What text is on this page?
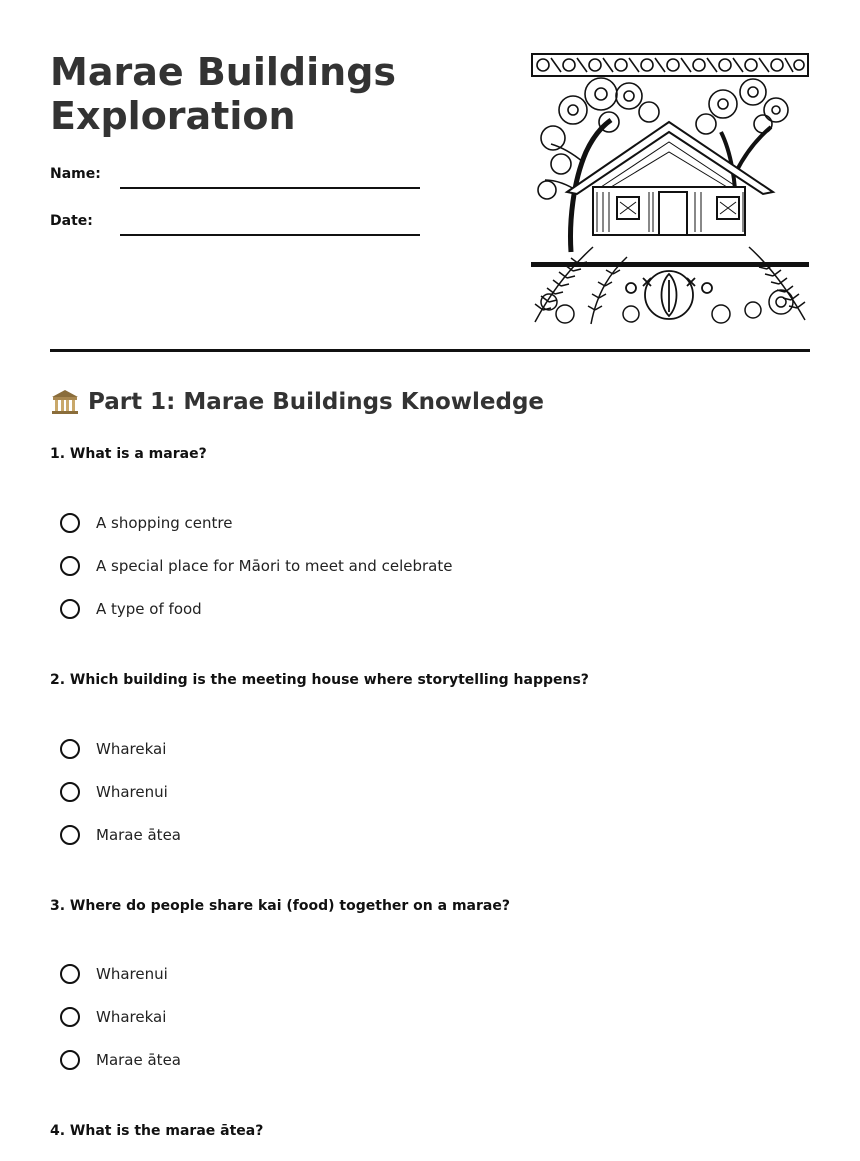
Marae Buildings
Exploration
Name:
Date:
Part 1: Marae Buildings Knowledge

1. What is a marae?

A shopping centre
A special place for Māori to meet and celebrate
A type of food

2. Which building is the meeting house where storytelling happens?

Wharekai
Wharenui
Marae ātea

3. Where do people share kai (food) together on a marae?

Wharenui
Wharekai
Marae ātea

4. What is the marae ātea?
